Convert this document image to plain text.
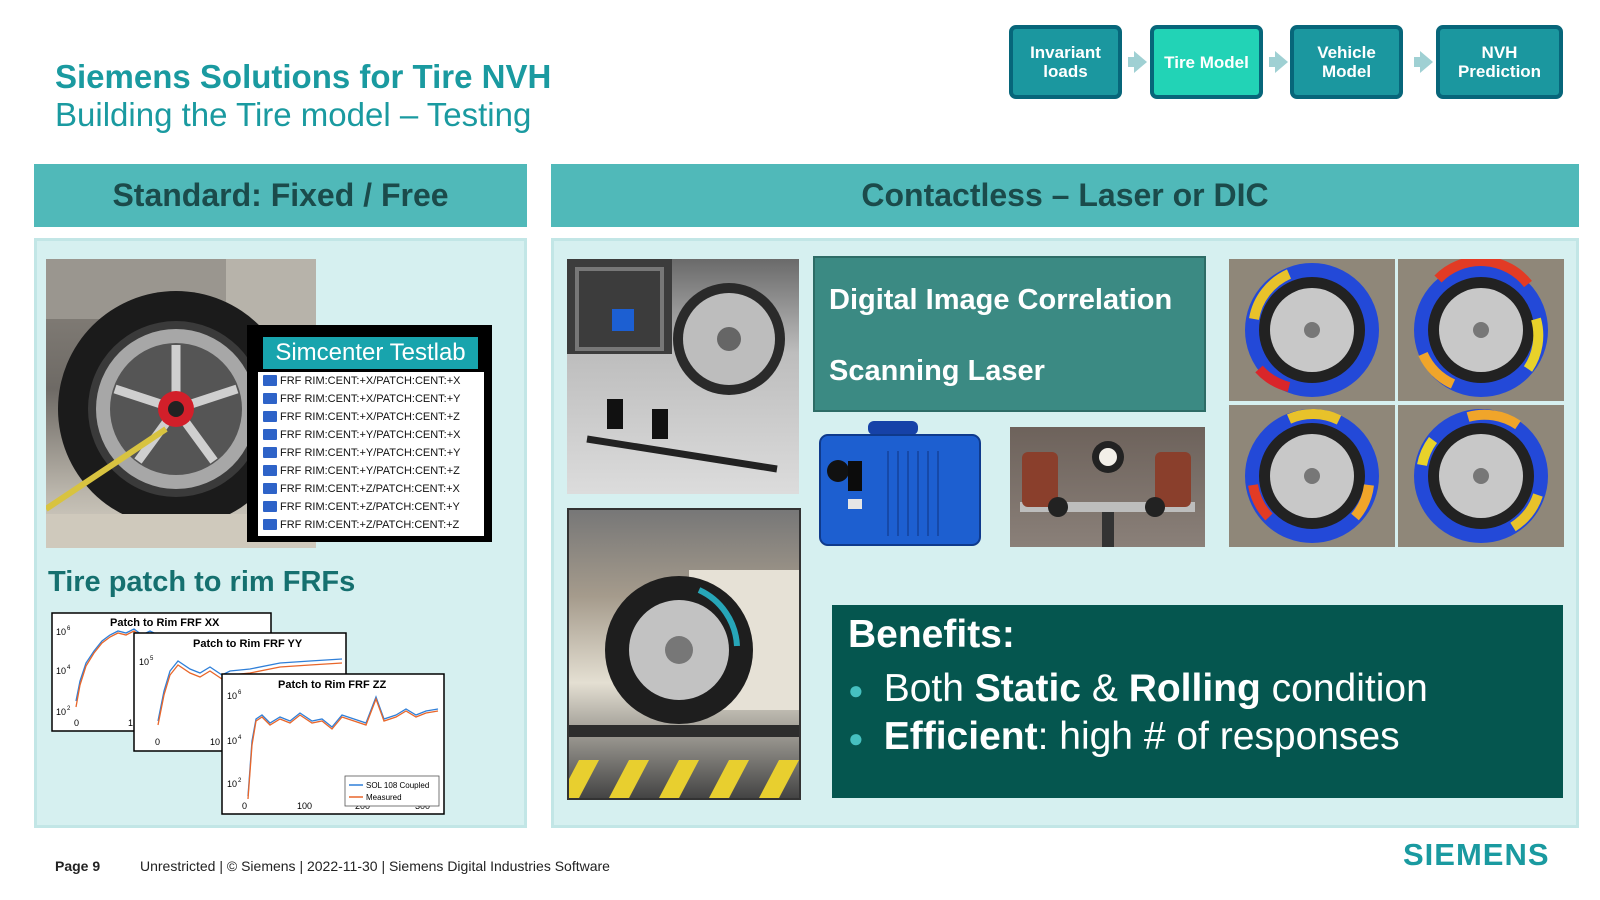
Siemens Solutions for Tire NVH
Building the Tire model – Testing
Invariant loads	Tire Model	Vehicle Model
NVH Prediction
Standard: Fixed / Free
Simcenter Testlab
FRF RIM:CENT:+X/PATCH:CENT:+X
FRF RIM:CENT:+X/PATCH:CENT:+Y
FRF RIM:CENT:+X/PATCH:CENT:+Z
FRF RIM:CENT:+Y/PATCH:CENT:+X
FRF RIM:CENT:+Y/PATCH:CENT:+Y
FRF RIM:CENT:+Y/PATCH:CENT:+Z
FRF RIM:CENT:+Z/PATCH:CENT:+X
FRF RIM:CENT:+Z/PATCH:CENT:+Y
FRF RIM:CENT:+Z/PATCH:CENT:+Z
Tire patch to rim FRFs
Patch to Rim FRF XX
10 6
10 4
10 2
0	1
Patch to Rim FRF YY
10 5
0	10
Patch to Rim FRF ZZ
10 6
10 4
10 2
0	100
SOL 108 Coupled
Measured
Contactless – Laser or DIC
Digital Image Correlation
Scanning Laser
Benefits:
● Both Static & Rolling condition
● Efficient: high # of responses
Page 9	Unrestricted | © Siemens | 2022-11-30 | Siemens Digital Industries Software	SIEMENS
